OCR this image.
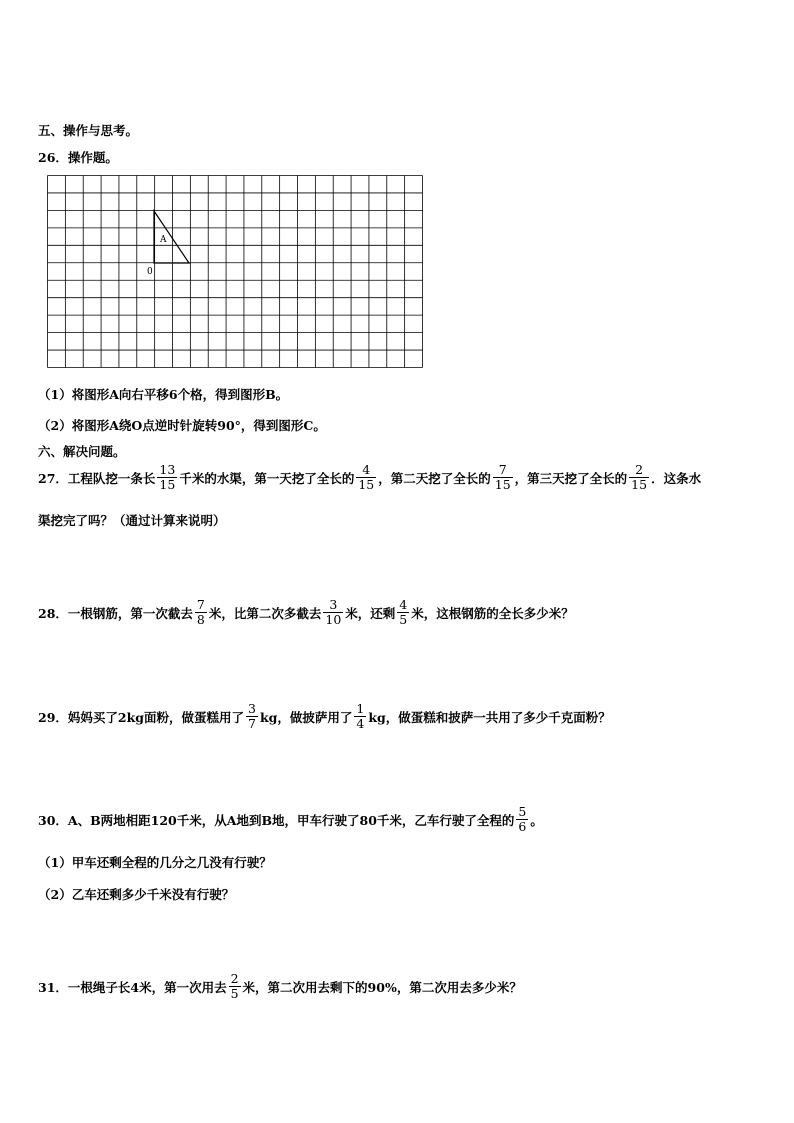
五、操作与思考。
26．操作题。
A
0
（1）将图形A向右平移6个格，得到图形B。
（2）将图形A绕O点逆时针旋转90°，得到图形C。
六、解决问题。
27．工程队挖一条长 $\frac{13}{15}$ 千米的水渠，第一天挖了全长的 $\frac{4}{15}$ ，第二天挖了全长的 $\frac{7}{15}$ ，第三天挖了全长的 $\frac{2}{15}$ ．这条水
渠挖完了吗？（通过计算来说明）
28．一根钢筋，第一次截去 $\frac{7}{8}$ 米，比第二次多截去 $\frac{3}{10}$ 米，还剩 $\frac{4}{5}$ 米，这根钢筋的全长多少米？
29．妈妈买了2kg面粉，做蛋糕用了 $\frac{3}{7}$ kg，做披萨用了 $\frac{1}{4}$ kg，做蛋糕和披萨一共用了多少千克面粉？
30．A、B两地相距120千米，从A地到B地，甲车行驶了80千米，乙车行驶了全程的 $\frac{5}{6}$ 。
（1）甲车还剩全程的几分之几没有行驶？
（2）乙车还剩多少千米没有行驶？
31．一根绳子长4米，第一次用去 $\frac{2}{5}$ 米，第二次用去剩下的90%，第二次用去多少米？
